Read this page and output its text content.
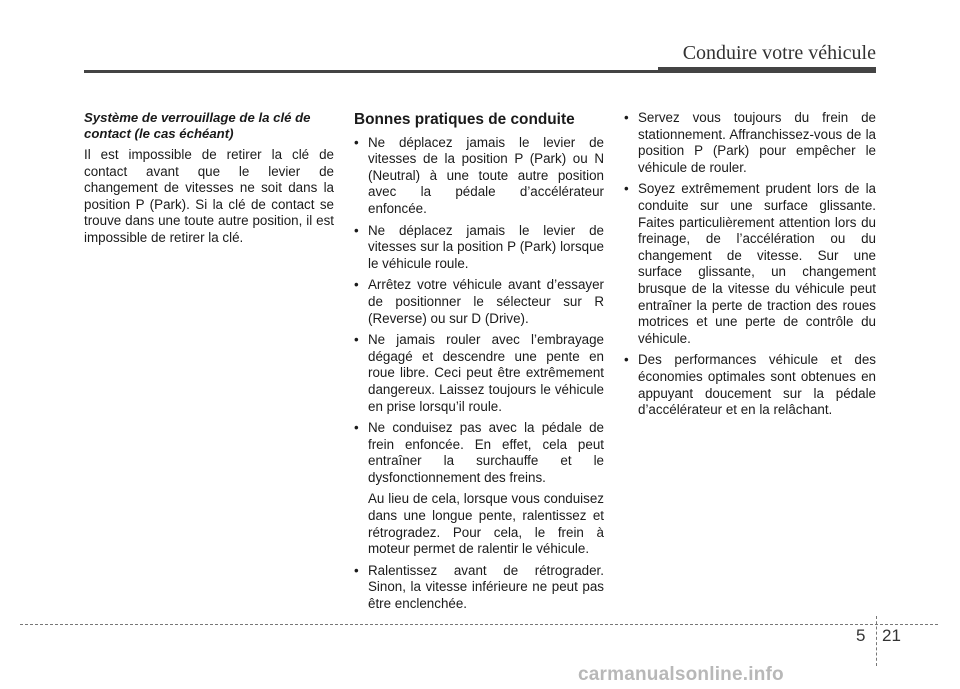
Conduire votre véhicule
Système de verrouillage de la clé de contact (le cas échéant)

Il est impossible de retirer la clé de contact avant que le levier de changement de vitesses ne soit dans la position P (Park). Si la clé de contact se trouve dans une toute autre position, il est impossible de retirer la clé.

Bonnes pratiques de conduite
• Ne déplacez jamais le levier de vitesses de la position P (Park) ou N (Neutral) à une toute autre position avec la pédale d’accélérateur enfoncée.
• Ne déplacez jamais le levier de vitesses sur la position P (Park) lorsque le véhicule roule.
• Arrêtez votre véhicule avant d’essayer de positionner le sélecteur sur R (Reverse) ou sur D (Drive).
• Ne jamais rouler avec l’embrayage dégagé et descendre une pente en roue libre. Ceci peut être extrêmement dangereux. Laissez toujours le véhicule en prise lorsqu’il roule.
• Ne conduisez pas avec la pédale de frein enfoncée. En effet, cela peut entraîner la surchauffe et le dysfonctionnement des freins.
Au lieu de cela, lorsque vous conduisez dans une longue pente, ralentissez et rétrogradez. Pour cela, le frein à moteur permet de ralentir le véhicule.
• Ralentissez avant de rétrograder. Sinon, la vitesse inférieure ne peut pas être enclenchée.
• Servez vous toujours du frein de stationnement. Affranchissez-vous de la position P (Park) pour empêcher le véhicule de rouler.
• Soyez extrêmement prudent lors de la conduite sur une surface glissante. Faites particulièrement attention lors du freinage, de l’accélération ou du changement de vitesse. Sur une surface glissante, un changement brusque de la vitesse du véhicule peut entraîner la perte de traction des roues motrices et une perte de contrôle du véhicule.
• Des performances véhicule et des économies optimales sont obtenues en appuyant doucement sur la pédale d’accélérateur et en la relâchant.
5 21
carmanualsonline.info
